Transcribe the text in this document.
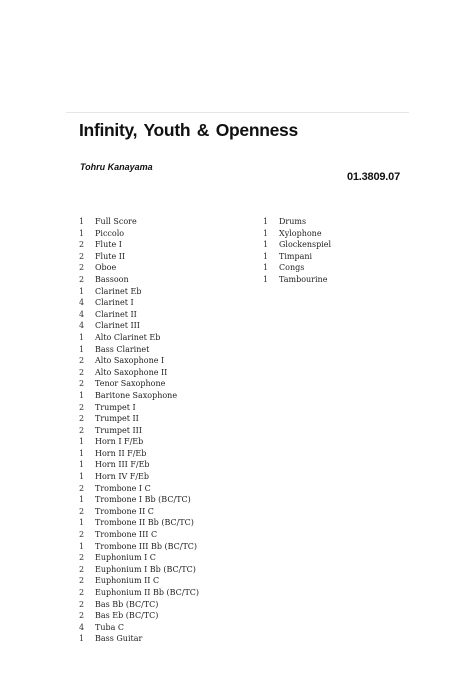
Infinity, Youth & Openness
Tohru Kanayama
01.3809.07
1	Full Score
1	Piccolo
2	Flute I
2	Flute II
2	Oboe
2	Bassoon
1	Clarinet Eb
4	Clarinet I
4	Clarinet II
4	Clarinet III
1	Alto Clarinet Eb
1	Bass Clarinet
2	Alto Saxophone I
2	Alto Saxophone II
2	Tenor Saxophone
1	Baritone Saxophone
2	Trumpet I
2	Trumpet II
2	Trumpet III
1	Horn I F/Eb
1	Horn II F/Eb
1	Horn III F/Eb
1	Horn IV F/Eb
2	Trombone I C
1	Trombone I Bb (BC/TC)
2	Trombone II C
1	Trombone II Bb (BC/TC)
2	Trombone III C
1	Trombone III Bb (BC/TC)
2	Euphonium I C
2	Euphonium I Bb (BC/TC)
2	Euphonium II C
2	Euphonium II Bb (BC/TC)
2	Bas Bb (BC/TC)
2	Bas Eb (BC/TC)
4	Tuba C
1	Bass Guitar
1	Drums
1	Xylophone
1	Glockenspiel
1	Timpani
1	Congs
1	Tambourine
